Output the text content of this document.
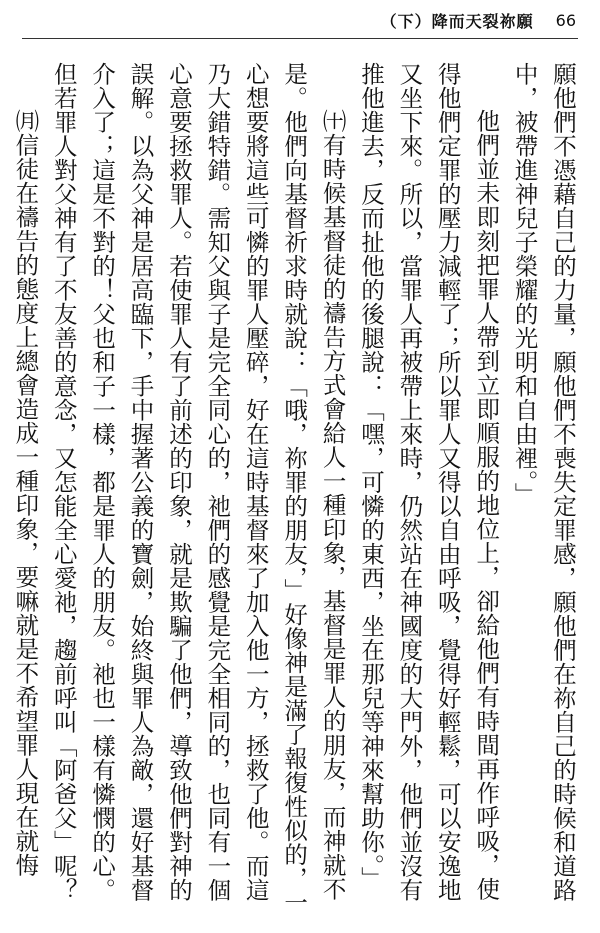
（下）降而天裂祢願 66

願他們不憑藉自己的力量，願他們不喪失定罪感，願他們在祢自己的時候和道路中，被帶進神兒子榮耀的光明和自由裡。」

他們並未即刻把罪人帶到立即順服的地位上，卻給他們有時間再作呼吸，使得他們定罪的壓力減輕了；所以罪人又得以自由呼吸，覺得好輕鬆，可以安逸地又坐下來。所以，當罪人再被帶上來時，仍然站在神國度的大門外，他們並沒有推他進去，反而扯他的後腿說：「嘿，可憐的東西，坐在那兒等神來幫助你。」

㈩有時候基督徒的禱告方式會給人一種印象，基督是罪人的朋友，而神就不是。他們向基督祈求時就說：「哦，祢罪的朋友，」好像神是滿了報復性似的，一心想要將這些可憐的罪人壓碎，好在這時基督來了加入他一方，拯救了他。而這乃大錯特錯。需知父與子是完全同心的，祂們的感覺是完全相同的，也同有一個心意要拯救罪人。若使罪人有了前述的印象，就是欺騙了他們，導致他們對神的誤解。以為父神是居高臨下，手中握著公義的寶劍，始終與罪人為敵，還好基督介入了；這是不對的！父也和子一樣，都是罪人的朋友。祂也一樣有憐憫的心。但若罪人對父神有了不友善的意念，又怎能全心愛祂，趨前呼叫「阿爸父」呢？

㈪信徒在禱告的態度上總會造成一種印象，要嘛就是不希望罪人現在就悔
